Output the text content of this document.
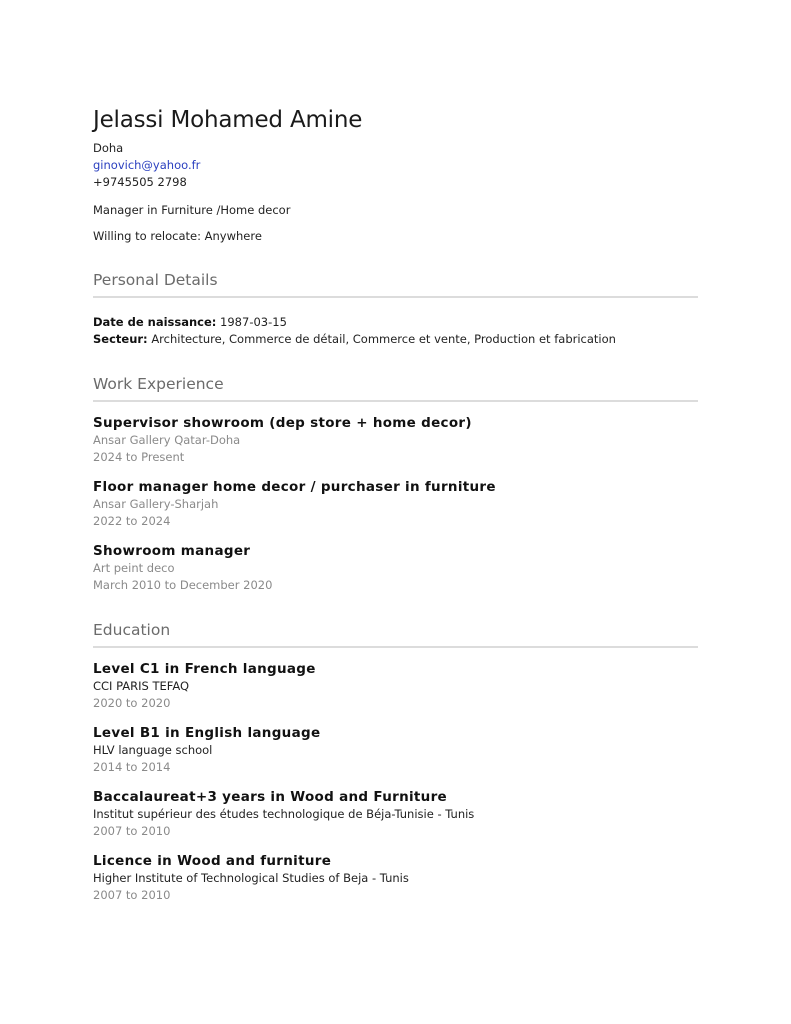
Jelassi Mohamed Amine
Doha
ginovich@yahoo.fr
+9745505 2798
Manager in Furniture /Home decor
Willing to relocate: Anywhere
Personal Details
Date de naissance: 1987-03-15
Secteur: Architecture, Commerce de détail, Commerce et vente, Production et fabrication
Work Experience
Supervisor showroom (dep store + home decor)
Ansar Gallery Qatar-Doha
2024 to Present
Floor manager home decor / purchaser in furniture
Ansar Gallery-Sharjah
2022 to 2024
Showroom manager
Art peint deco
March 2010 to December 2020
Education
Level C1 in French language
CCI PARIS TEFAQ
2020 to 2020
Level B1 in English language
HLV language school
2014 to 2014
Baccalaureat+3 years in Wood and Furniture
Institut supérieur des études technologique de Béja-Tunisie - Tunis
2007 to 2010
Licence in Wood and furniture
Higher Institute of Technological Studies of Beja - Tunis
2007 to 2010
